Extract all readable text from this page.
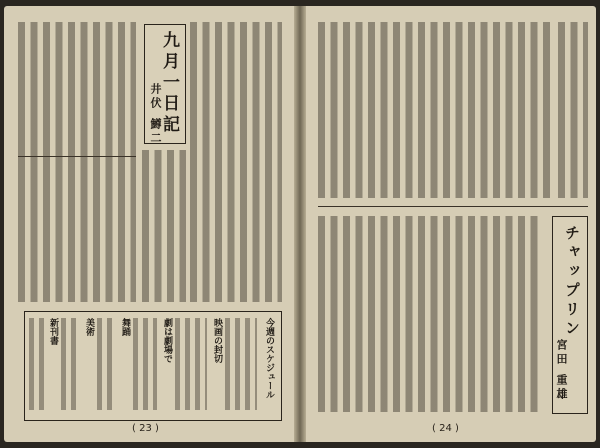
九月一日記
井伏 鱒二
今週のスケジュール
映画の封切
劇は劇場で
舞踊
美術
新刊書
( 23 )
チャップリン
宮田 重雄
( 24 )
